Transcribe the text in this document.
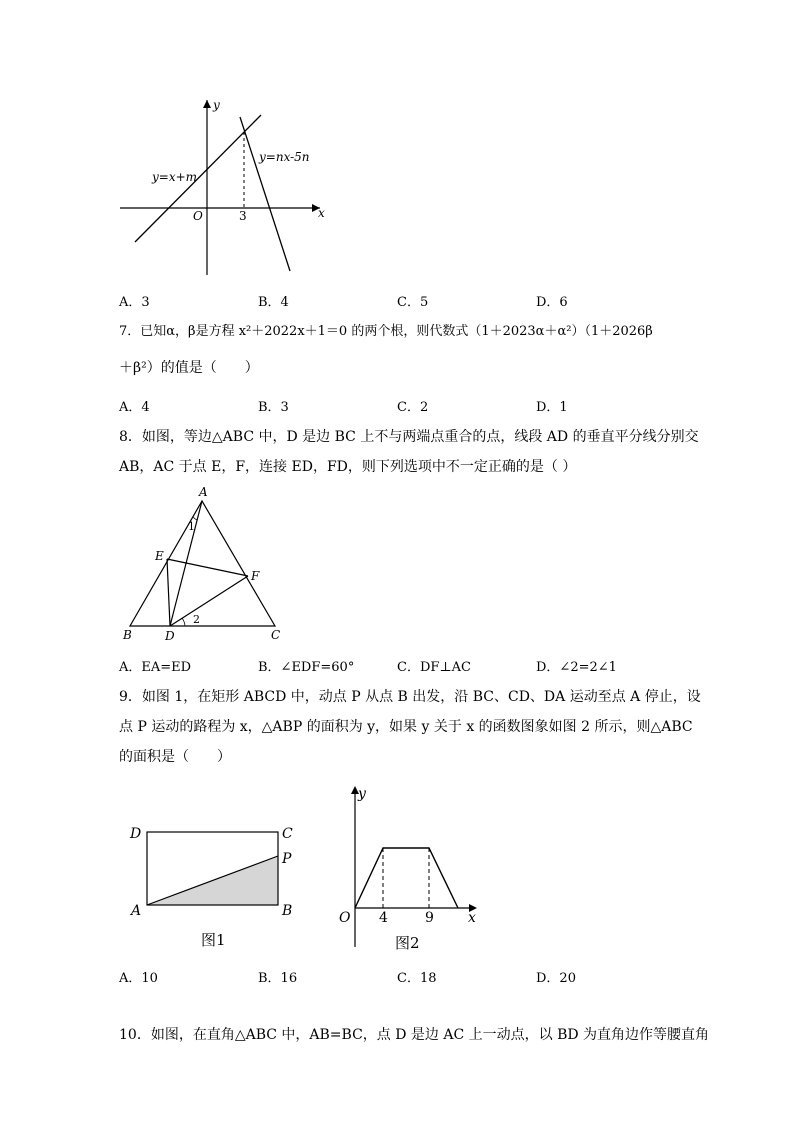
y
x
O	3
y=x+m
y=nx-5n
A．3	B．4	C．5	D．6
7．已知α，β是方程 x²＋2022x＋1＝0 的两个根，则代数式（1＋2023α＋α²）（1＋2026β
＋β²）的值是（　　）
A．4	B．3	C．2	D．1
8．如图，等边△ABC 中，D 是边 BC 上不与两端点重合的点，线段 AD 的垂直平分线分别交
AB，AC 于点 E，F，连接 ED，FD，则下列选项中不一定正确的是（ ）
A
B	C
D
E
F
1
2
A．EA=ED	B．∠EDF=60°	C．DF⊥AC	D．∠2=2∠1
9．如图 1，在矩形 ABCD 中，动点 P 从点 B 出发，沿 BC、CD、DA 运动至点 A 停止，设
点 P 运动的路程为 x，△ABP 的面积为 y，如果 y 关于 x 的函数图象如图 2 所示，则△ABC
的面积是（　　）
D	C
P
A	B
图1
y
x
O 4	9
图2
A．10	B．16	C．18	D．20
10．如图，在直角△ABC 中，AB=BC，点 D 是边 AC 上一动点，以 BD 为直角边作等腰直角
